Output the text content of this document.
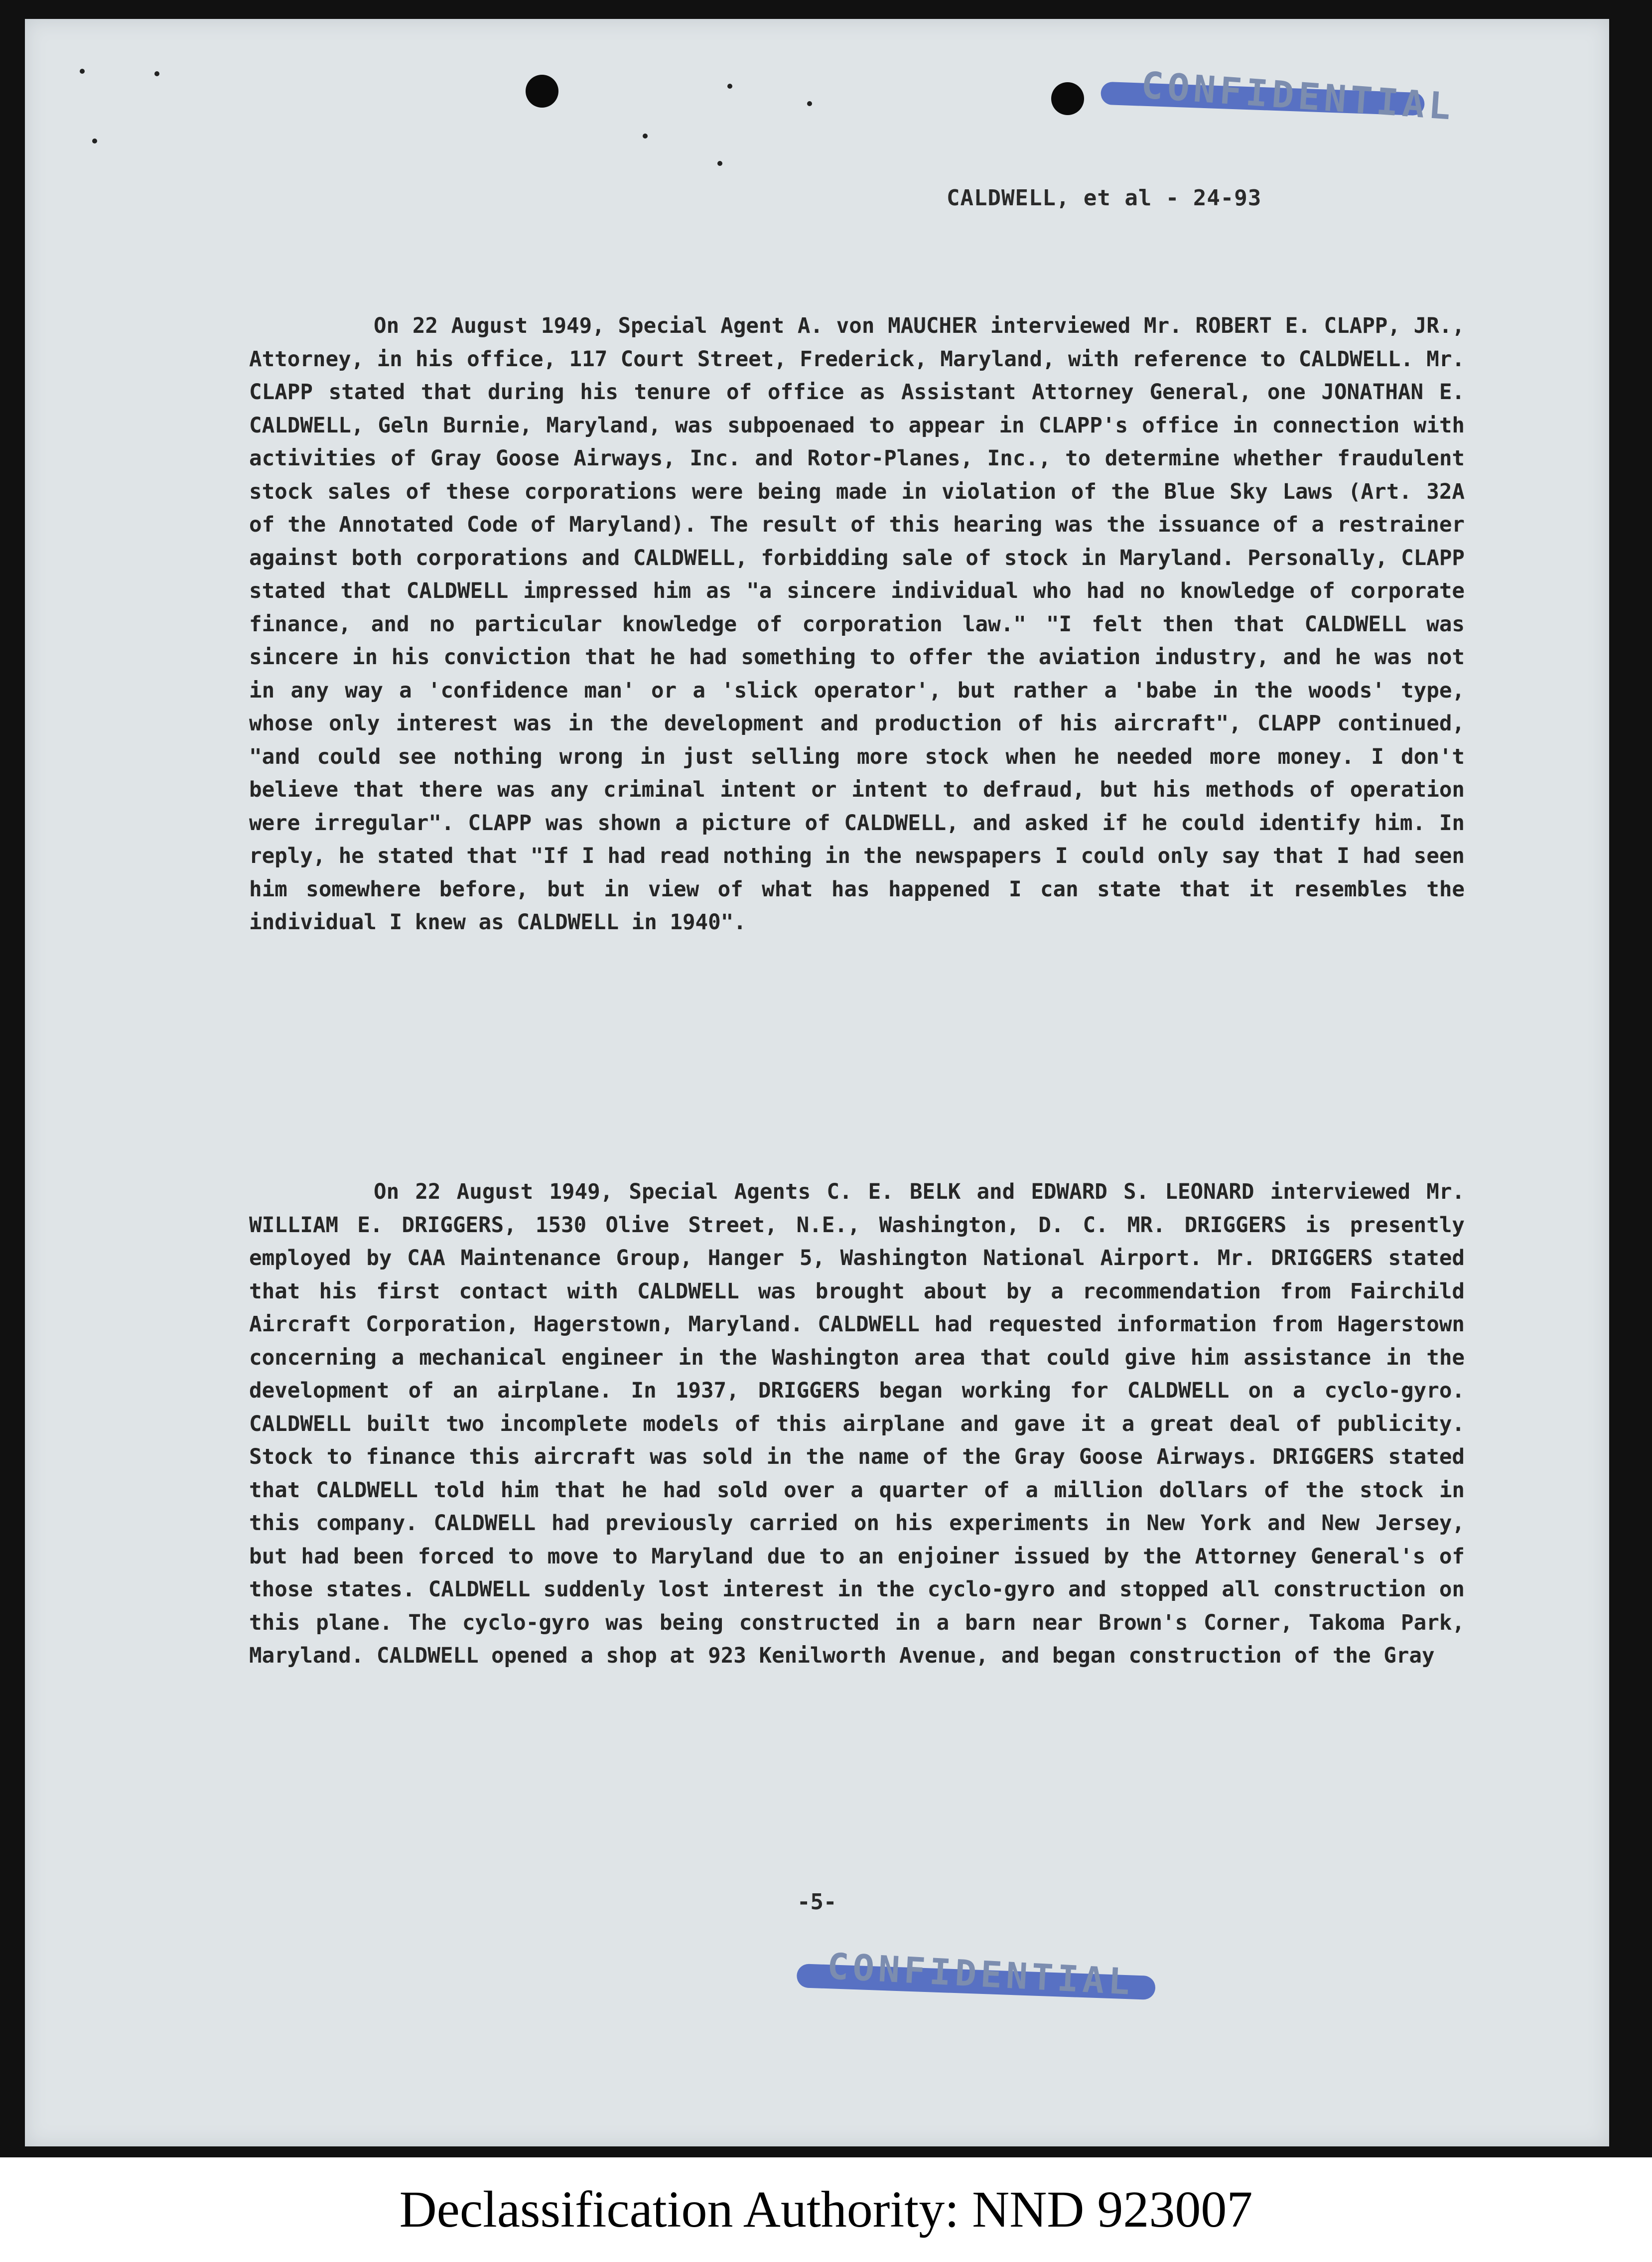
CONFIDENTIAL
CALDWELL, et al - 24-93

On 22 August 1949, Special Agent A. von MAUCHER interviewed Mr. ROBERT E. CLAPP, JR., Attorney, in his office, 117 Court Street, Frederick, Maryland, with reference to CALDWELL. Mr. CLAPP stated that during his tenure of office as Assistant Attorney General, one JONATHAN E. CALDWELL, Geln Burnie, Maryland, was subpoenaed to appear in CLAPP's office in connection with activities of Gray Goose Airways, Inc. and Rotor-Planes, Inc., to determine whether fraudulent stock sales of these corporations were being made in violation of the Blue Sky Laws (Art. 32A of the Annotated Code of Maryland). The result of this hearing was the issuance of a restrainer against both corporations and CALDWELL, forbidding sale of stock in Maryland. Personally, CLAPP stated that CALDWELL impressed him as "a sincere individual who had no knowledge of corporate finance, and no particular knowledge of corporation law." "I felt then that CALDWELL was sincere in his conviction that he had something to offer the aviation industry, and he was not in any way a 'confidence man' or a 'slick operator', but rather a 'babe in the woods' type, whose only interest was in the development and production of his aircraft", CLAPP continued, "and could see nothing wrong in just selling more stock when he needed more money. I don't believe that there was any criminal intent or intent to defraud, but his methods of operation were irregular". CLAPP was shown a picture of CALDWELL, and asked if he could identify him. In reply, he stated that "If I had read nothing in the newspapers I could only say that I had seen him somewhere before, but in view of what has happened I can state that it resembles the individual I knew as CALDWELL in 1940".

On 22 August 1949, Special Agents C. E. BELK and EDWARD S. LEONARD interviewed Mr. WILLIAM E. DRIGGERS, 1530 Olive Street, N.E., Washington, D. C. MR. DRIGGERS is presently employed by CAA Maintenance Group, Hanger 5, Washington National Airport. Mr. DRIGGERS stated that his first contact with CALDWELL was brought about by a recommendation from Fairchild Aircraft Corporation, Hagerstown, Maryland. CALDWELL had requested information from Hagerstown concerning a mechanical engineer in the Washington area that could give him assistance in the development of an airplane. In 1937, DRIGGERS began working for CALDWELL on a cyclo-gyro. CALDWELL built two incomplete models of this airplane and gave it a great deal of publicity. Stock to finance this aircraft was sold in the name of the Gray Goose Airways. DRIGGERS stated that CALDWELL told him that he had sold over a quarter of a million dollars of the stock in this company. CALDWELL had previously carried on his experiments in New York and New Jersey, but had been forced to move to Maryland due to an enjoiner issued by the Attorney General's of those states. CALDWELL suddenly lost interest in the cyclo-gyro and stopped all construction on this plane. The cyclo-gyro was being constructed in a barn near Brown's Corner, Takoma Park, Maryland. CALDWELL opened a shop at 923 Kenilworth Avenue, and began construction of the Gray

-5-
CONFIDENTIAL
Declassification Authority: NND 923007
